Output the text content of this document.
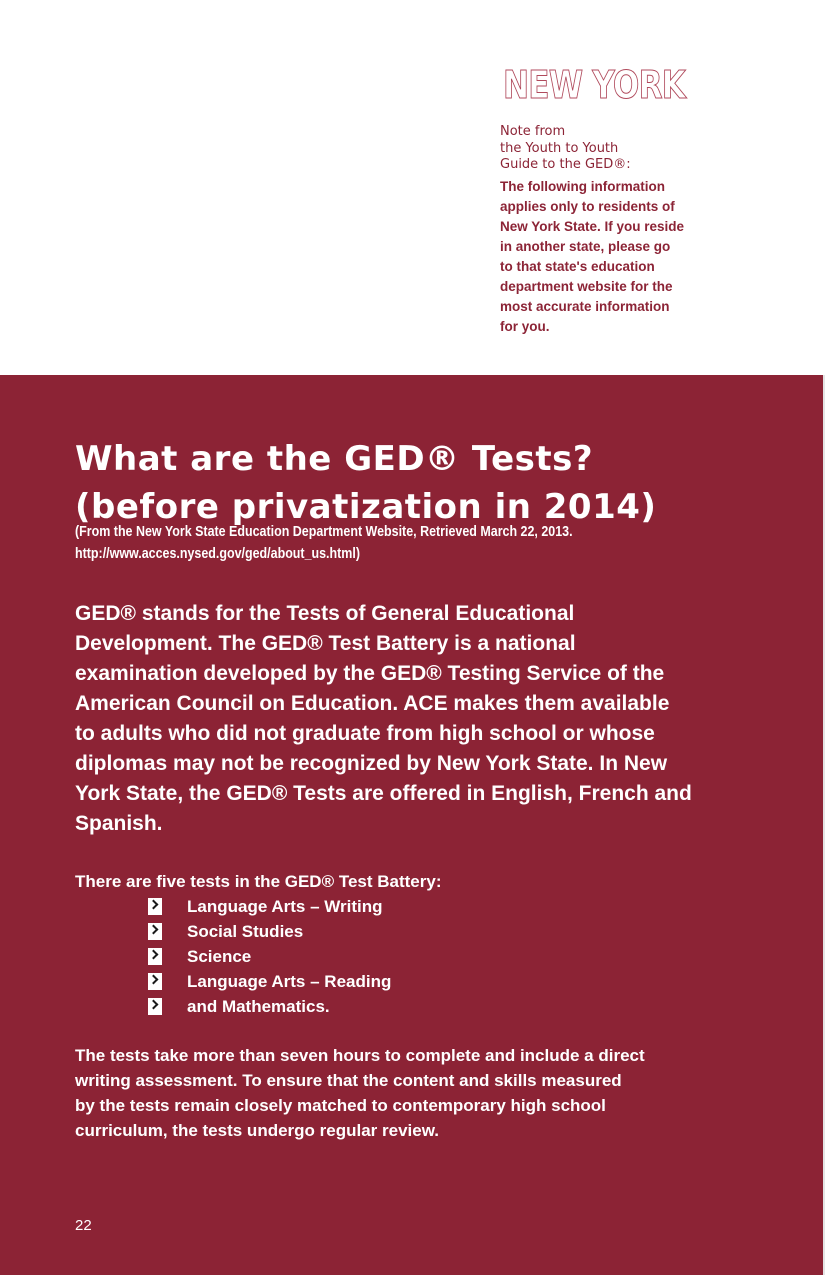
NEW YORK

Note from
the Youth to Youth
Guide to the GED®:

The following information
applies only to residents of
New York State. If you reside
in another state, please go
to that state's education
department website for the
most accurate information
for you.

What are the GED® Tests?
(before privatization in 2014)

(From the New York State Education Department Website, Retrieved March 22, 2013.
http://www.acces.nysed.gov/ged/about_us.html)

GED® stands for the Tests of General Educational
Development. The GED® Test Battery is a national
examination developed by the GED® Testing Service of the
American Council on Education. ACE makes them available
to adults who did not graduate from high school or whose
diplomas may not be recognized by New York State. In New
York State, the GED® Tests are offered in English, French and
Spanish.

There are five tests in the GED® Test Battery:

Language Arts – Writing
Social Studies
Science
Language Arts – Reading
and Mathematics.

The tests take more than seven hours to complete and include a direct
writing assessment. To ensure that the content and skills measured
by the tests remain closely matched to contemporary high school
curriculum, the tests undergo regular review.

22
